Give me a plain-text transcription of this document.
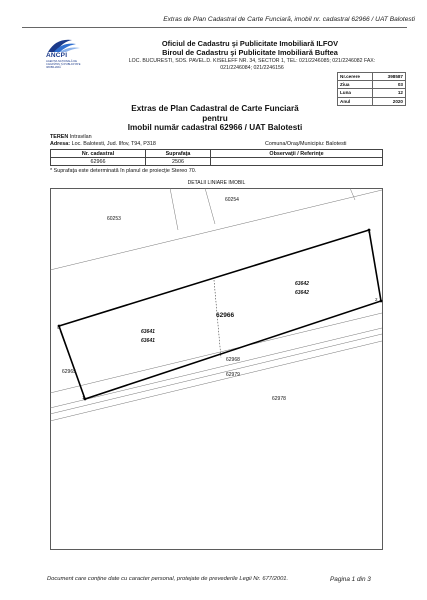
Extras de Plan Cadastral de Carte Funciară, imobil nr. cadastral 62966 / UAT Balotesti
ANCPI
AGENȚIA NAȚIONALĂ DE CADASTRU ȘI PUBLICITATE IMOBILIARĂ
Oficiul de Cadastru şi Publicitate Imobiliară ILFOV
Biroul de Cadastru şi Publicitate Imobiliară Buftea
LOC. BUCURESTI, SOS. PAVEL.D. KISELEFF NR. 34, SECTOR 1, TEL: 021/2246085; 021/2246082 FAX:
021/2246084; 021/2246156
Nr.cerere	398587
Ziua	03
Luna	12
Anul	2020
Extras de Plan Cadastral de Carte Funciară
pentru
Imobil număr cadastral 62966 / UAT Balotesti
TEREN Intravilan
Adresa: Loc. Balotesti, Jud. Ilfov, T94, P318	Comuna/Oraş/Municipiu: Balotesti
Nr. cadastral	Suprafaţa	Observaţii / Referinţe
62966	2506	
* Suprafaţa este determinată în planul de proiecţie Stereo 70.
DETALII LINIARE IMOBIL
60254
60253
62966
63642
63642
63641
63641
62968
62979
62978
62965
1
2
3
4
Document care conţine date cu caracter personal, protejate de prevederile Legii Nr. 677/2001.	Pagina 1 din 3
